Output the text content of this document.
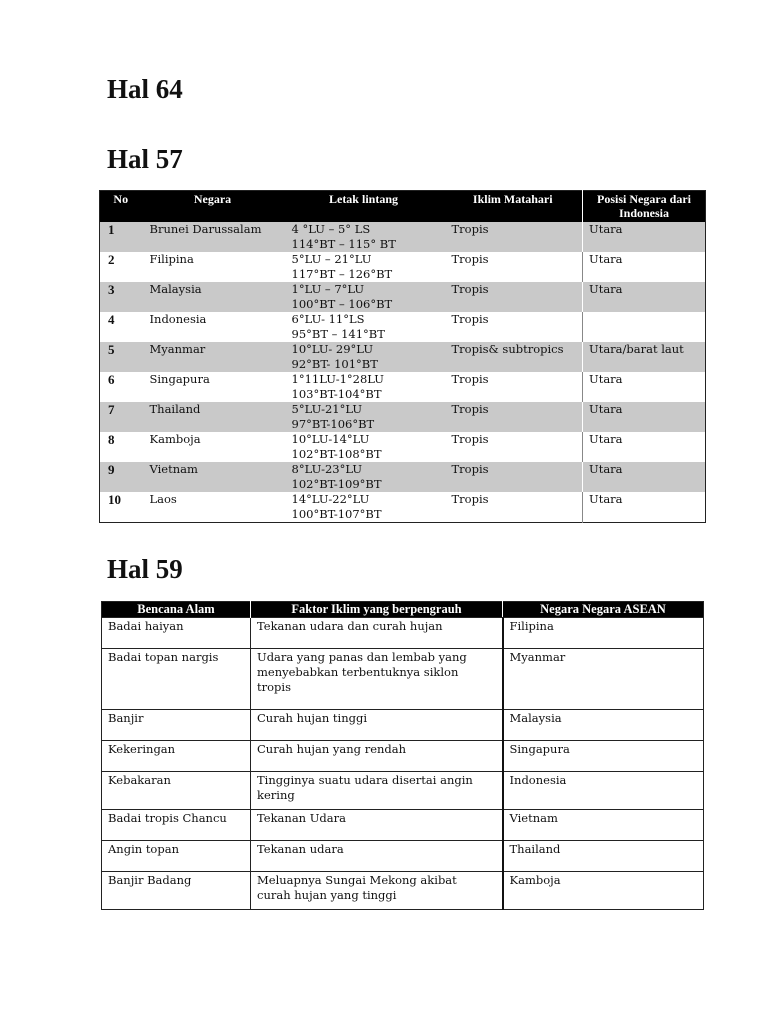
Hal 64
Hal 57
No	Negara	Letak lintang	Iklim Matahari	Posisi Negara dari Indonesia

1	Brunei Darussalam	4 °LU – 5° LS
114°BT – 115° BT	Tropis	Utara

2	Filipina	5°LU – 21°LU
117°BT – 126°BT	Tropis	Utara

3	Malaysia	1°LU – 7°LU
100°BT – 106°BT	Tropis	Utara

4	Indonesia	6°LU- 11°LS
95°BT – 141°BT	Tropis	

5	Myanmar	10°LU- 29°LU
92°BT- 101°BT	Tropis& subtropics	Utara/barat laut

6	Singapura	1°11LU-1°28LU
103°BT-104°BT	Tropis	Utara

7	Thailand	5°LU-21°LU
97°BT-106°BT	Tropis	Utara

8	Kamboja	10°LU-14°LU
102°BT-108°BT	Tropis	Utara

9	Vietnam	8°LU-23°LU
102°BT-109°BT	Tropis	Utara

10	Laos	14°LU-22°LU
100°BT-107°BT	Tropis	Utara
Hal 59
Bencana Alam	Faktor Iklim yang berpengrauh	Negara Negara ASEAN
Badai haiyan	Tekanan udara dan curah hujan	Filipina
Badai topan nargis	Udara yang panas dan lembab yang menyebabkan terbentuknya siklon tropis	Myanmar
Banjir	Curah hujan tinggi	Malaysia
Kekeringan	Curah hujan yang rendah	Singapura
Kebakaran	Tingginya suatu udara disertai angin kering	Indonesia
Badai tropis Chancu	Tekanan Udara	Vietnam
Angin topan	Tekanan udara	Thailand
Banjir Badang	Meluapnya Sungai Mekong akibat curah hujan yang tinggi	Kamboja
